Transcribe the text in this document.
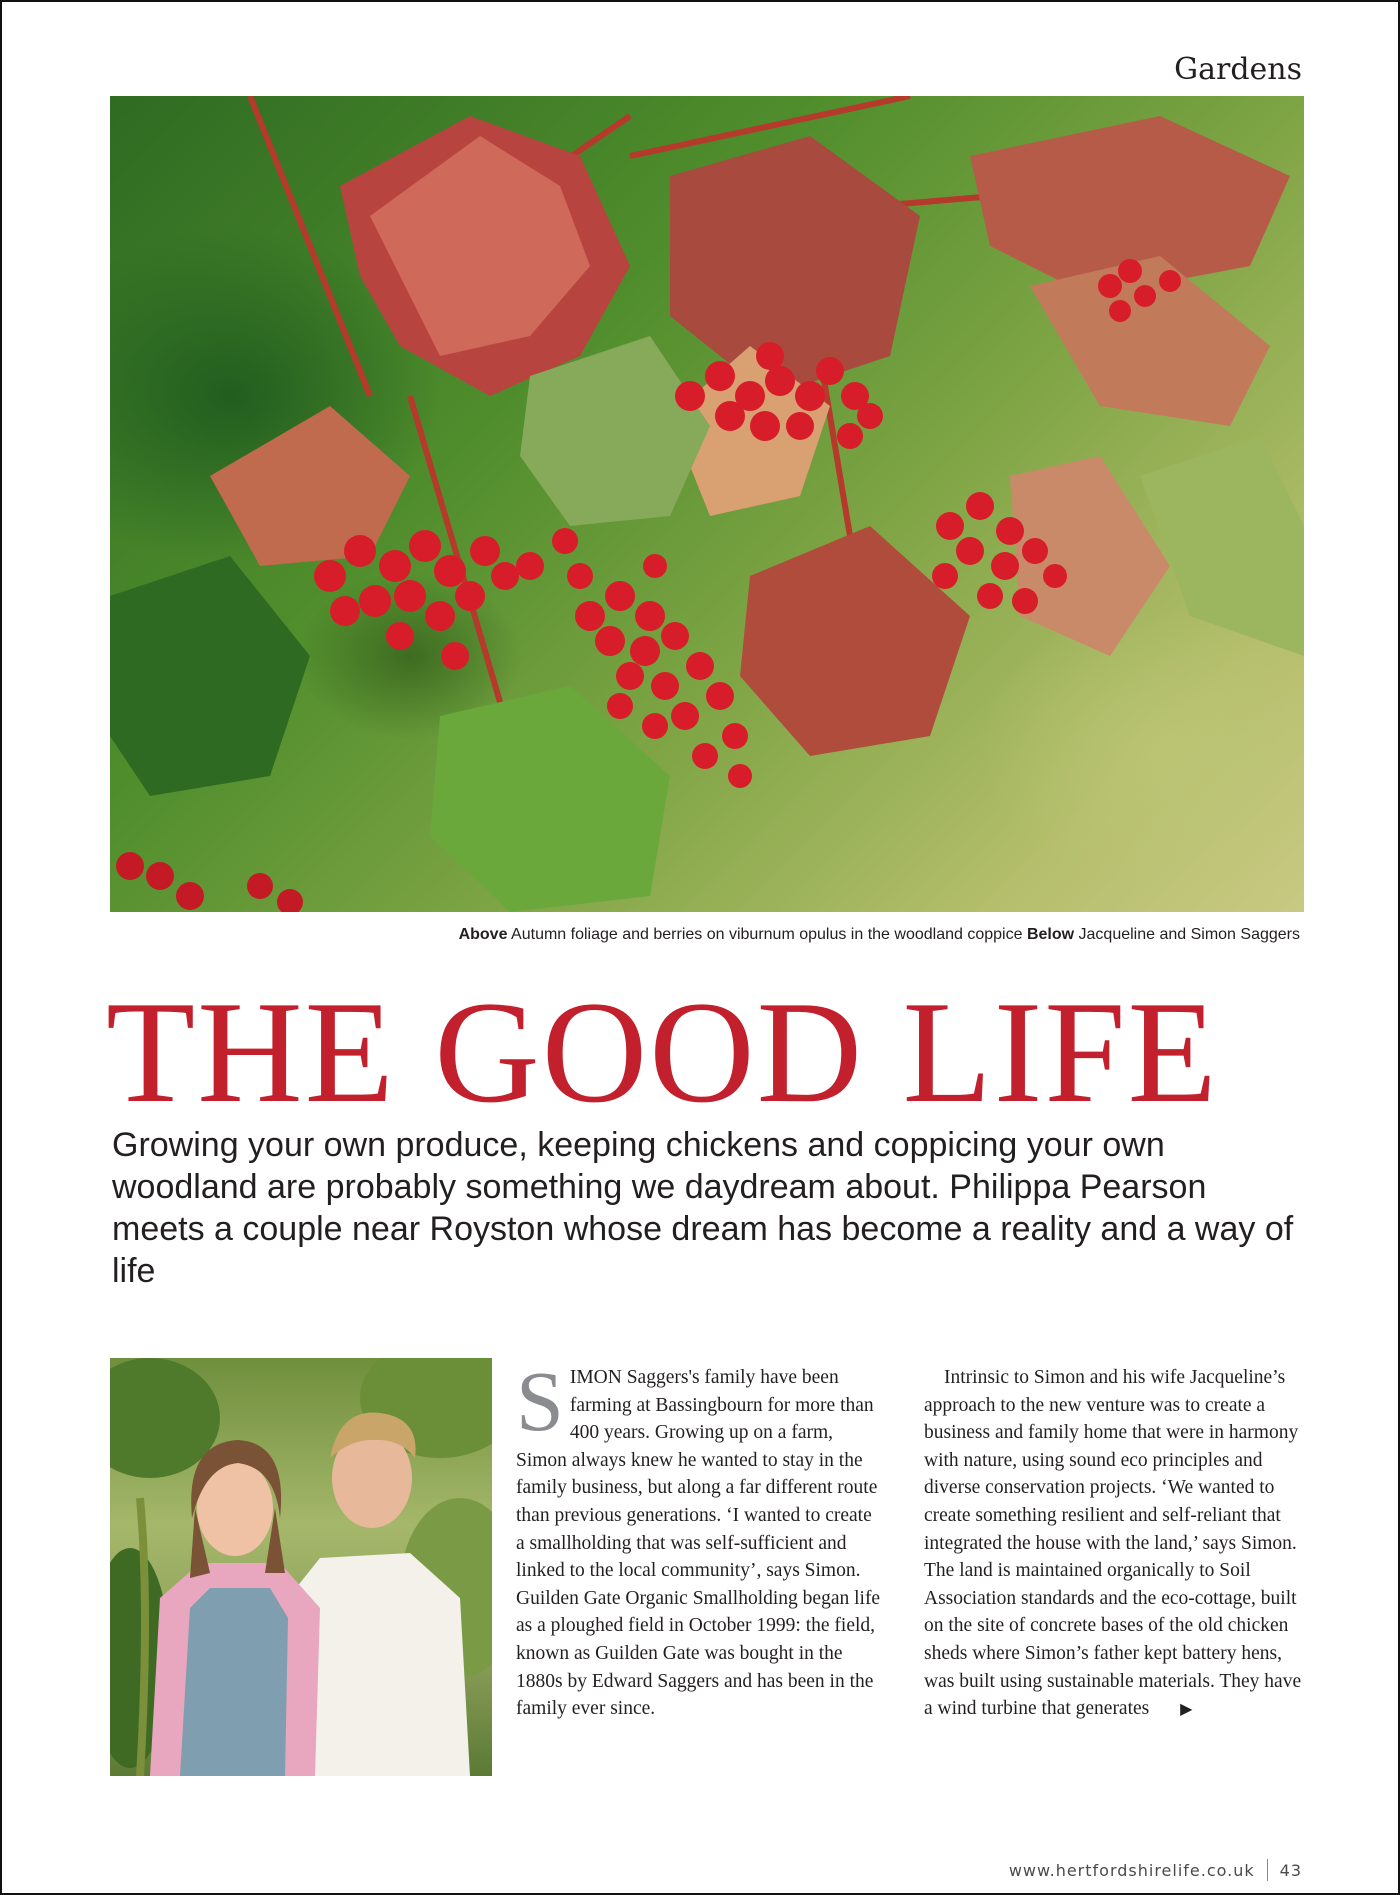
Gardens
Above Autumn foliage and berries on viburnum opulus in the woodland coppice Below Jacqueline and Simon Saggers
THE GOOD LIFE
Growing your own produce, keeping chickens and coppicing your own woodland are probably something we daydream about. Philippa Pearson meets a couple near Royston whose dream has become a reality and a way of life

S IMON Saggers's family have been farming at Bassingbourn for more than 400 years. Growing up on a farm, Simon always knew he wanted to stay in the family business, but along a far different route than previous generations. ‘I wanted to create a smallholding that was self-sufficient and linked to the local community’, says Simon. Guilden Gate Organic Smallholding began life as a ploughed field in October 1999: the field, known as Guilden Gate was bought in the 1880s by Edward Saggers and has been in the family ever since.

Intrinsic to Simon and his wife Jacqueline’s approach to the new venture was to create a business and family home that were in harmony with nature, using sound eco principles and diverse conservation projects. ‘We wanted to create something resilient and self-reliant that integrated the house with the land,’ says Simon. The land is maintained organically to Soil Association standards and the eco-cottage, built on the site of concrete bases of the old chicken sheds where Simon’s father kept battery hens, was built using sustainable materials. They have a wind turbine that generates ▶

www.hertfordshirelife.co.uk 43
